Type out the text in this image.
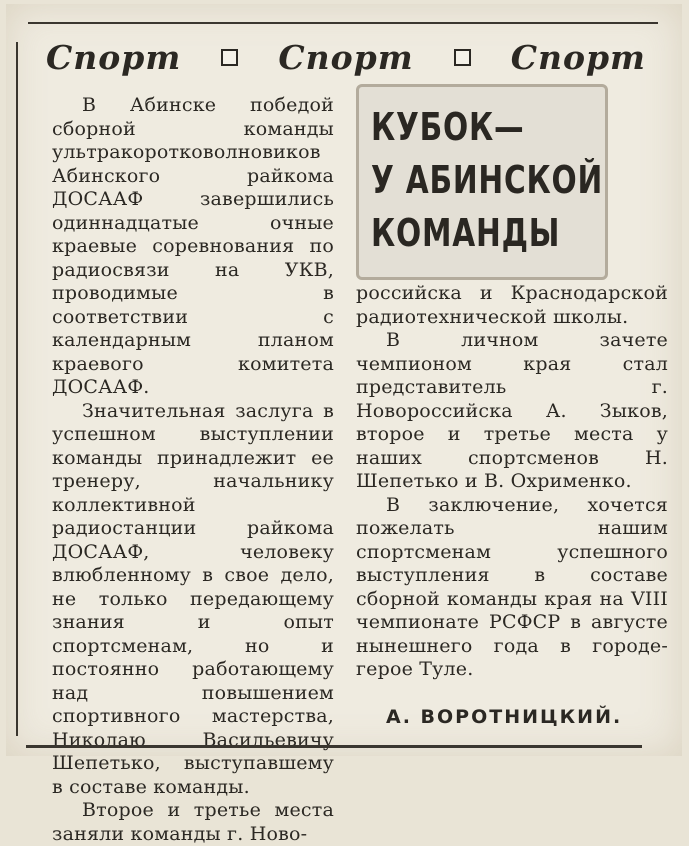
Спорт	Спорт	Спорт

В Абинске победой сборной команды ультракоротковолновиков Абинского райкома ДОСААФ завершились одиннадцатые очные краевые соревнования по радиосвязи на УКВ, проводимые в соответствии с календарным планом краевого комитета ДОСААФ.

Значительная заслуга в успешном выступлении команды принадлежит ее тренеру, начальнику коллективной радиостанции райкома ДОСААФ, человеку влюбленному в свое дело, не только передающему знания и опыт спортсменам, но и постоянно работающему над повышением спортивного мастерства, Николаю Васильевичу Шепетько, выступавшему в составе команды.

Второе и третье места заняли команды г. Ново-

КУБОК—
У АБИНСКОЙ
КОМАНДЫ

российска и Краснодарской радиотехнической школы.

В личном зачете чемпионом края стал представитель г. Новороссийска А. Зыков, второе и третье места у наших спортсменов Н. Шепетько и В. Охрименко.

В заключение, хочется пожелать нашим спортсменам успешного выступления в составе сборной команды края на VIII чемпионате РСФСР в августе нынешнего года в городе-герое Туле.

А. ВОРОТНИЦКИЙ.
